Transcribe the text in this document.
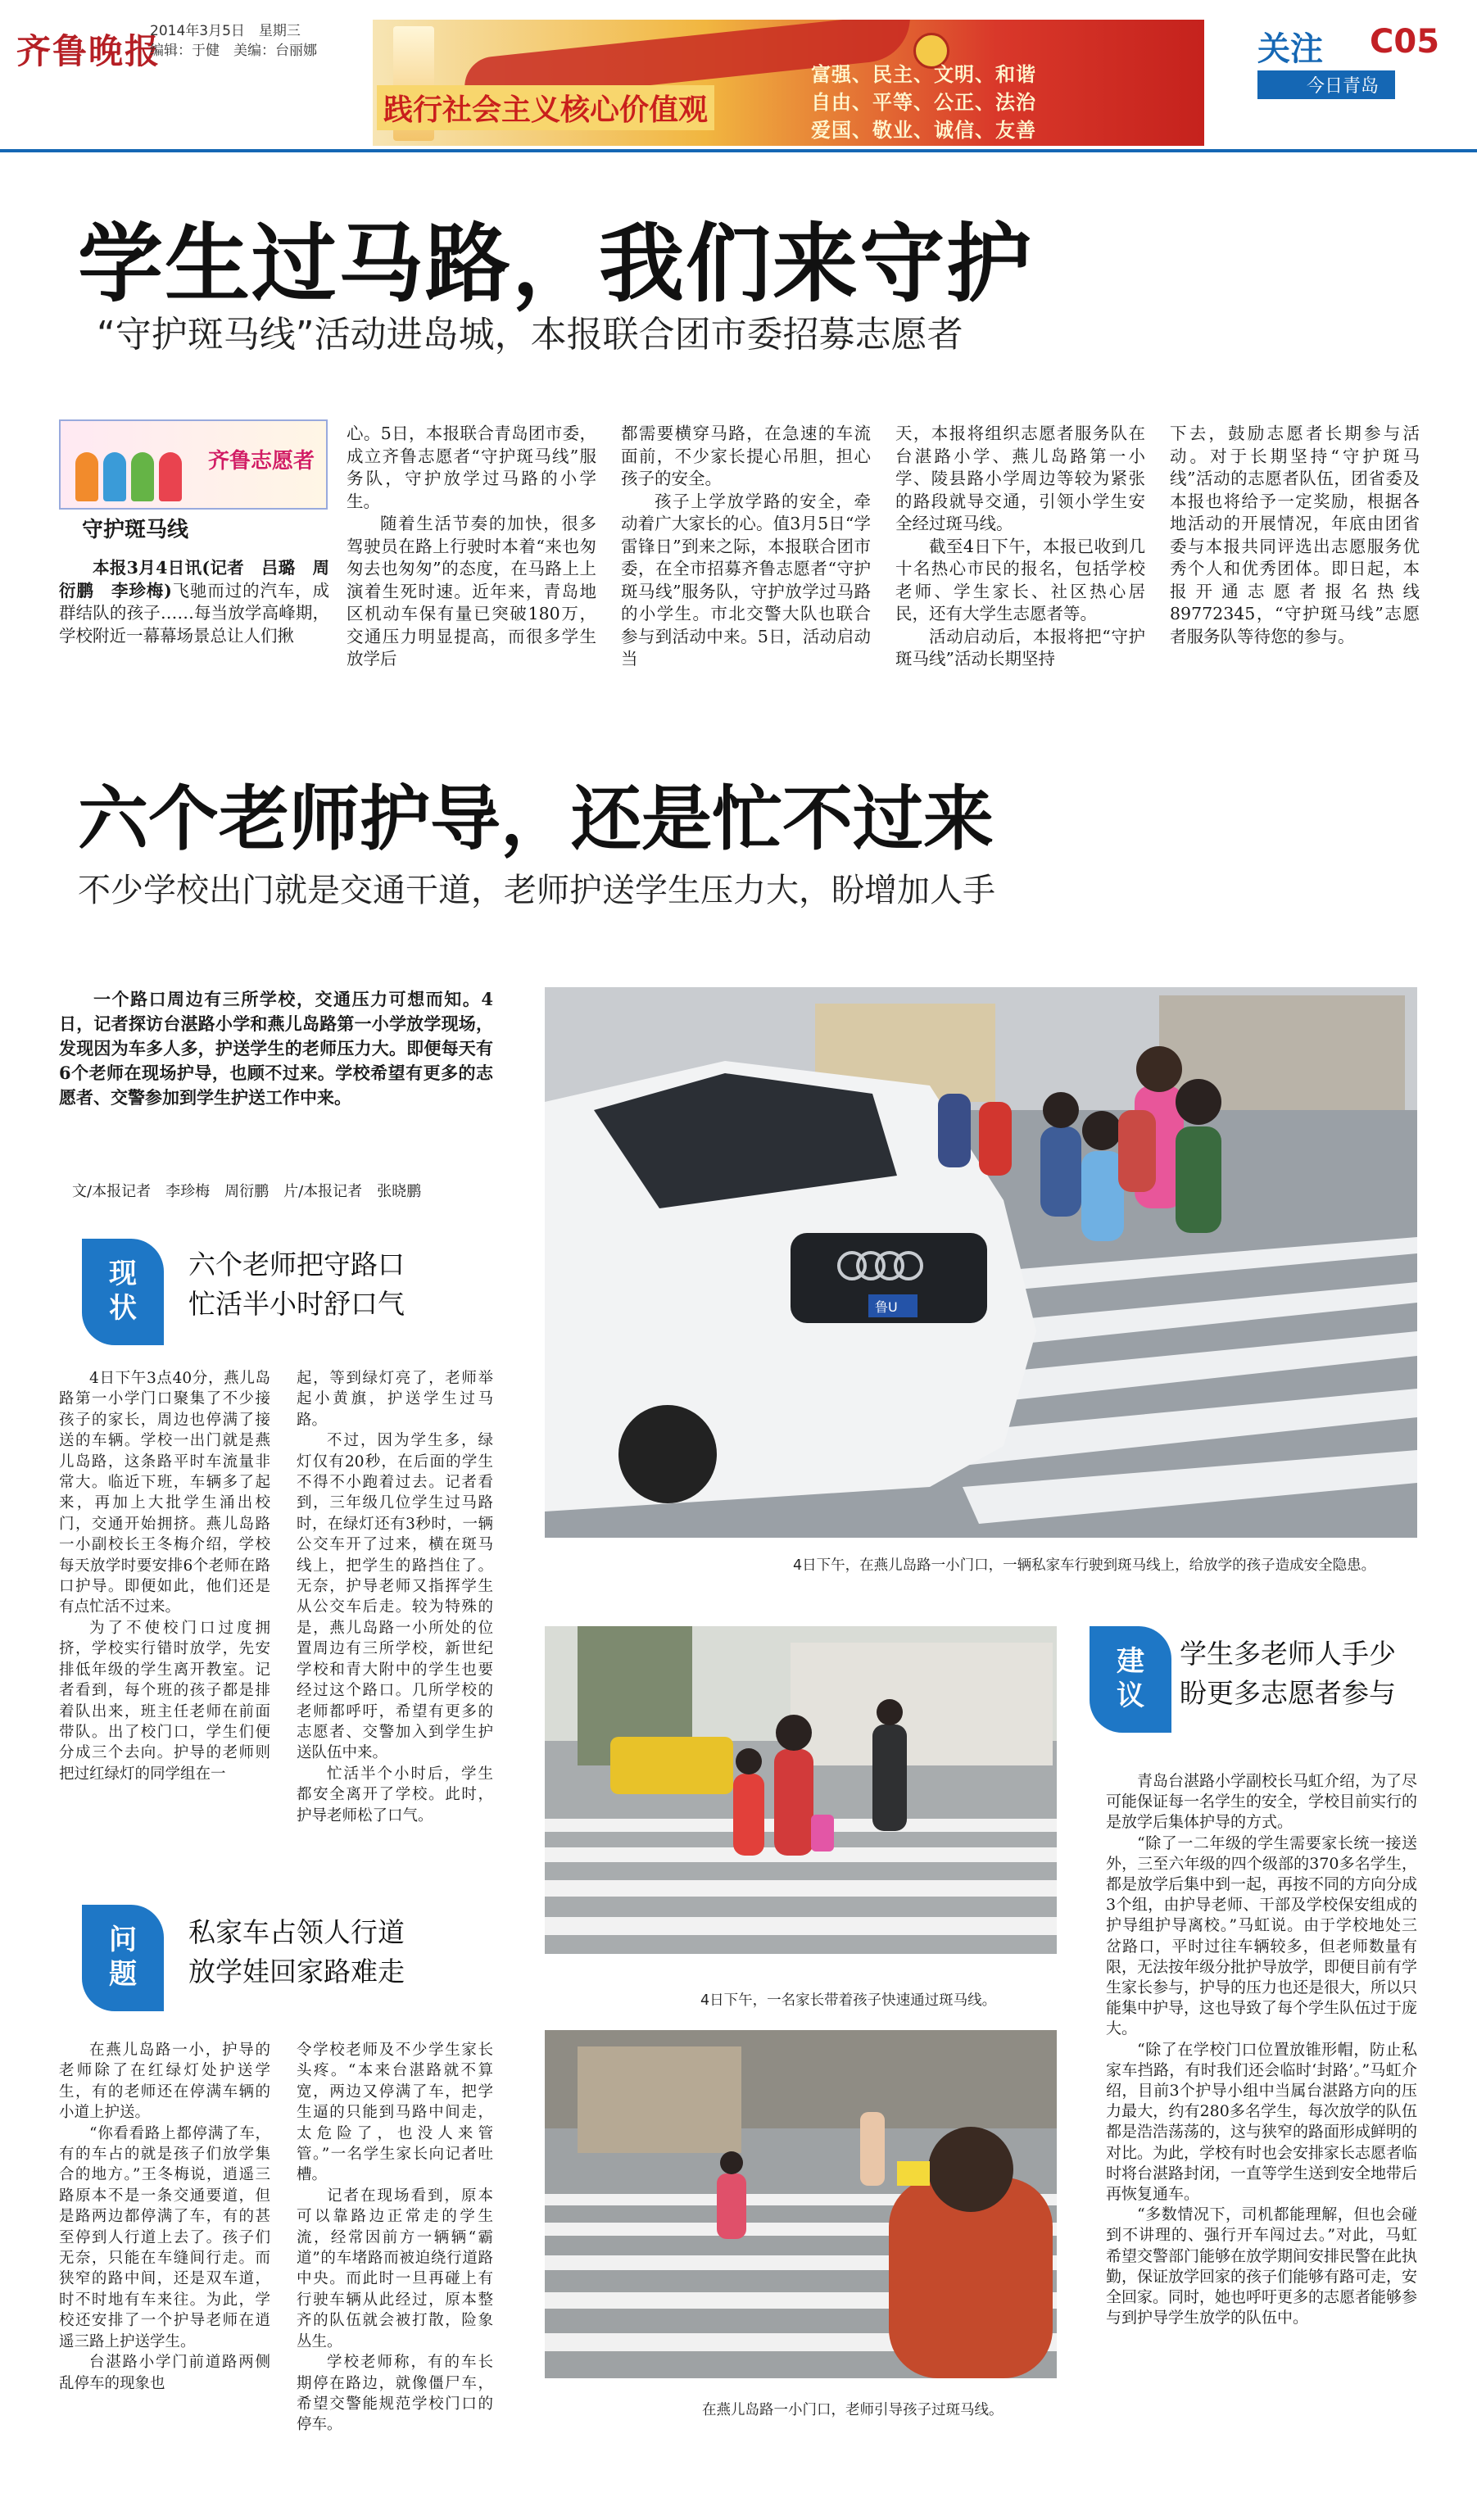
齐鲁晚报
2014年3月5日　星期三
编辑：于健　美编：台丽娜
践行社会主义核心价值观
富强、民主、文明、和谐
自由、平等、公正、法治
爱国、敬业、诚信、友善
关注 C05
今日青岛
学生过马路，我们来守护
“守护斑马线”活动进岛城，本报联合团市委招募志愿者
齐鲁志愿者
守护斑马线

本报3月4日讯(记者　吕璐　周衍鹏　李珍梅)飞驰而过的汽车，成群结队的孩子……每当放学高峰期，学校附近一幕幕场景总让人们揪

心。5日，本报联合青岛团市委，成立齐鲁志愿者“守护斑马线”服务队，守护放学过马路的小学生。

随着生活节奏的加快，很多驾驶员在路上行驶时本着“来也匆匆去也匆匆”的态度，在马路上上演着生死时速。近年来，青岛地区机动车保有量已突破180万，交通压力明显提高，而很多学生放学后

都需要横穿马路，在急速的车流面前，不少家长提心吊胆，担心孩子的安全。

孩子上学放学路的安全，牵动着广大家长的心。值3月5日“学雷锋日”到来之际，本报联合团市委，在全市招募齐鲁志愿者“守护斑马线”服务队，守护放学过马路的小学生。市北交警大队也联合参与到活动中来。5日，活动启动当

天，本报将组织志愿者服务队在台湛路小学、燕儿岛路第一小学、陵县路小学周边等较为紧张的路段就导交通，引领小学生安全经过斑马线。

截至4日下午，本报已收到几十名热心市民的报名，包括学校老师、学生家长、社区热心居民，还有大学生志愿者等。

活动启动后，本报将把“守护斑马线”活动长期坚持

下去，鼓励志愿者长期参与活动。对于长期坚持“守护斑马线”活动的志愿者队伍，团省委及本报也将给予一定奖励，根据各地活动的开展情况，年底由团省委与本报共同评选出志愿服务优秀个人和优秀团体。即日起，本报开通志愿者报名热线89772345，“守护斑马线”志愿者服务队等待您的参与。

六个老师护导，还是忙不过来
不少学校出门就是交通干道，老师护送学生压力大，盼增加人手
一个路口周边有三所学校，交通压力可想而知。4日，记者探访台湛路小学和燕儿岛路第一小学放学现场，发现因为车多人多，护送学生的老师压力大。即便每天有6个老师在现场护导，也顾不过来。学校希望有更多的志愿者、交警参加到学生护送工作中来。
文/本报记者　李珍梅　周衍鹏　片/本报记者　张晓鹏
现
状
六个老师把守路口
忙活半小时舒口气

4日下午3点40分，燕儿岛路第一小学门口聚集了不少接孩子的家长，周边也停满了接送的车辆。学校一出门就是燕儿岛路，这条路平时车流量非常大。临近下班，车辆多了起来，再加上大批学生涌出校门，交通开始拥挤。燕儿岛路一小副校长王冬梅介绍，学校每天放学时要安排6个老师在路口护导。即便如此，他们还是有点忙活不过来。

为了不使校门口过度拥挤，学校实行错时放学，先安排低年级的学生离开教室。记者看到，每个班的孩子都是排着队出来，班主任老师在前面带队。出了校门口，学生们便分成三个去向。护导的老师则把过红绿灯的同学组在一

起，等到绿灯亮了，老师举起小黄旗，护送学生过马路。

不过，因为学生多，绿灯仅有20秒，在后面的学生不得不小跑着过去。记者看到，三年级几位学生过马路时，在绿灯还有3秒时，一辆公交车开了过来，横在斑马线上，把学生的路挡住了。无奈，护导老师又指挥学生从公交车后走。较为特殊的是，燕儿岛路一小所处的位置周边有三所学校，新世纪学校和青大附中的学生也要经过这个路口。几所学校的老师都呼吁，希望有更多的志愿者、交警加入到学生护送队伍中来。

忙活半个小时后，学生都安全离开了学校。此时，护导老师松了口气。

问
题
私家车占领人行道
放学娃回家路难走

在燕儿岛路一小，护导的老师除了在红绿灯处护送学生，有的老师还在停满车辆的小道上护送。

“你看看路上都停满了车，有的车占的就是孩子们放学集合的地方。”王冬梅说，逍遥三路原本不是一条交通要道，但是路两边都停满了车，有的甚至停到人行道上去了。孩子们无奈，只能在车缝间行走。而狭窄的路中间，还是双车道，时不时地有车来往。为此，学校还安排了一个护导老师在逍遥三路上护送学生。

台湛路小学门前道路两侧乱停车的现象也

令学校老师及不少学生家长头疼。“本来台湛路就不算宽，两边又停满了车，把学生逼的只能到马路中间走，太危险了，也没人来管管。”一名学生家长向记者吐槽。

记者在现场看到，原本可以靠路边正常走的学生流，经常因前方一辆辆“霸道”的车堵路而被迫绕行道路中央。而此时一旦再碰上有行驶车辆从此经过，原本整齐的队伍就会被打散，险象丛生。

学校老师称，有的车长期停在路边，就像僵尸车，希望交警能规范学校门口的停车。

鲁U
4日下午，在燕儿岛路一小门口，一辆私家车行驶到斑马线上，给放学的孩子造成安全隐患。
4日下午，一名家长带着孩子快速通过斑马线。
在燕儿岛路一小门口，老师引导孩子过斑马线。
建
议
学生多老师人手少
盼更多志愿者参与

青岛台湛路小学副校长马虹介绍，为了尽可能保证每一名学生的安全，学校目前实行的是放学后集体护导的方式。

“除了一二年级的学生需要家长统一接送外，三至六年级的四个级部的370多名学生，都是放学后集中到一起，再按不同的方向分成3个组，由护导老师、干部及学校保安组成的护导组护导离校。”马虹说。由于学校地处三岔路口，平时过往车辆较多，但老师数量有限，无法按年级分批护导放学，即便目前有学生家长参与，护导的压力也还是很大，所以只能集中护导，这也导致了每个学生队伍过于庞大。

“除了在学校门口位置放锥形帽，防止私家车挡路，有时我们还会临时‘封路’。”马虹介绍，目前3个护导小组中当属台湛路方向的压力最大，约有280多名学生，每次放学的队伍都是浩浩荡荡的，这与狭窄的路面形成鲜明的对比。为此，学校有时也会安排家长志愿者临时将台湛路封闭，一直等学生送到安全地带后再恢复通车。

“多数情况下，司机都能理解，但也会碰到不讲理的、强行开车闯过去。”对此，马虹希望交警部门能够在放学期间安排民警在此执勤，保证放学回家的孩子们能够有路可走，安全回家。同时，她也呼吁更多的志愿者能够参与到护导学生放学的队伍中。
